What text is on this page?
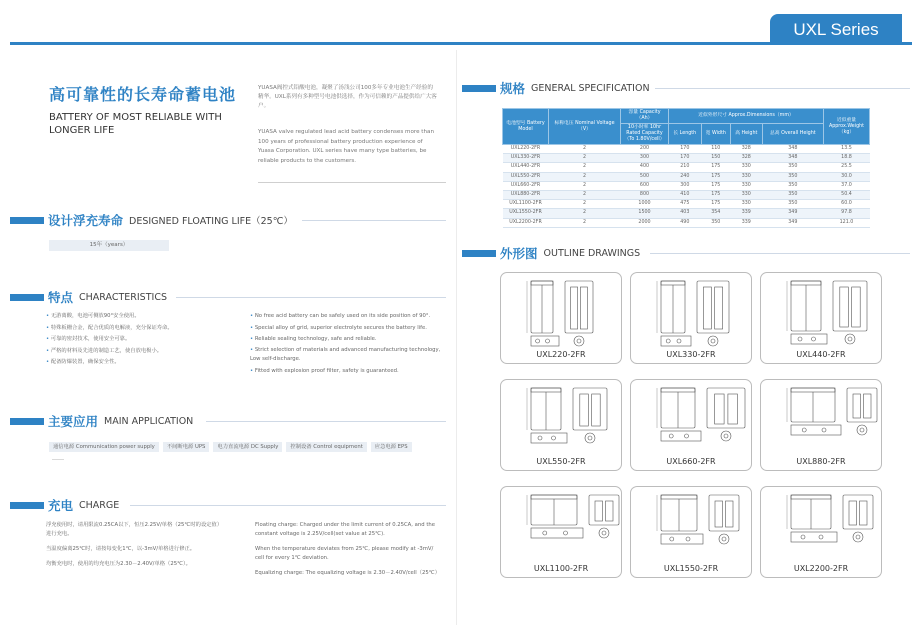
UXL Series
高可靠性的长寿命蓄电池
BATTERY OF MOST RELIABLE WITH LONGER LIFE
YUASA阀控式铅酸电池，凝聚了汤浅公司100多年专业电池生产经验的精华。UXL系列有多种型号电池供选择，作为可信赖的产品提供给广大客户。
YUASA valve regulated lead acid battery condenses more than 100 years of professional battery production experience of Yuasa Corporation. UXL series have many type batteries, be reliable products to the customers.
设计浮充寿命 DESIGNED FLOATING LIFE（25℃）
15年（years）
特点 CHARACTERISTICS
• 无游离酸，电池可侧放90°安全使用。
• 特殊板栅合金，配合优质的电解液，充分保证寿命。
• 可靠的密封技术，使用安全可靠。
• 严格的材料及先进的制造工艺，使自放电极小。
• 配备防爆装置，确保安全性。
• No free acid battery can be safely used on its side position of 90°.
• Special alloy of grid, superior electrolyte secures the battery life.
• Reliable sealing technology, safe and reliable.
• Strict selection of materials and advanced manufacturing technology, Low self-discharge.
• Fitted with explosion proof filter, safety is guaranteed.
主要应用 MAIN APPLICATION
通信电源 Communication power supply	不间断电源 UPS	电力直流电源 DC Supply	控制设备 Control equipment	应急电源 EPS
……
充电 CHARGE

浮充使用时，请用限流0.25CA以下，恒压2.25V/单格（25℃时的设定值）进行充电。

当温度偏离25℃时，请按每变化1℃，以-3mV/单格进行修正。

均衡充电时，使用的均充电压为2.30－2.40V/单格（25℃）。

Floating charge: Charged under the limit current of 0.25CA, and the constant voltage is 2.25V/cell(set value at 25℃).

When the temperature deviates from 25℃, please modify at -3mV/ cell for every 1℃ deviation.

Equalizing charge: The equalizing voltage is 2.30－2.40V/cell（25℃）

规格 GENERAL SPECIFICATION
电池型号 Battery Model	标称电压 Nominal Voltage（V）	容量 Capacity（Ah）	近似外形尺寸 Approx.Dimensions（mm）				近似重量 Approx.Weight（kg）
		10小时率 10hr Rated Capacity（To 1.80V/cell）	长 Length	宽 Width	高 Height	总高 Overall Height	
UXL220-2FR	2	200	170	110	328	348	13.5
UXL330-2FR	2	300	170	150	328	348	18.8
UXL440-2FR	2	400	210	175	330	350	25.5
UXL550-2FR	2	500	240	175	330	350	30.0
UXL660-2FR	2	600	300	175	330	350	37.0
UXL880-2FR	2	800	410	175	330	350	50.4
UXL1100-2FR	2	1000	475	175	330	350	60.0
UXL1550-2FR	2	1500	403	354	339	349	97.8
UXL2200-2FR	2	2000	490	350	339	349	121.0
外形图 OUTLINE DRAWINGS
UXL220-2FR	UXL330-2FR	UXL440-2FR
UXL550-2FR	UXL660-2FR	UXL880-2FR
UXL1100-2FR	UXL1550-2FR	UXL2200-2FR
